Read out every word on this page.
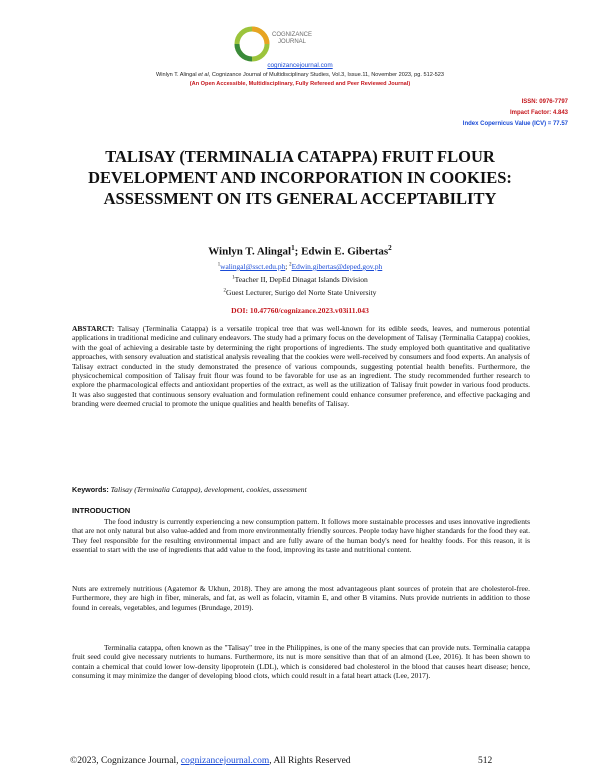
COGNIZANCE JOURNAL
cognizancejournal.com
Winlyn T. Alingal et al, Cognizance Journal of Multidisciplinary Studies, Vol.3, Issue.11, November 2023, pg. 512-523
(An Open Accessible, Multidisciplinary, Fully Refereed and Peer Reviewed Journal)
ISSN: 0976-7797
Impact Factor: 4.843
Index Copernicus Value (ICV) = 77.57
TALISAY (TERMINALIA CATAPPA) FRUIT FLOUR DEVELOPMENT AND INCORPORATION IN COOKIES: ASSESSMENT ON ITS GENERAL ACCEPTABILITY
Winlyn T. Alingal$^1$; Edwin E. Gibertas$^2$
$^1$walingal@ssct.edu.ph; $^2$Edwin.gibertas@deped.gov.ph
$^1$Teacher II, DepEd Dinagat Islands Division
$^2$Guest Lecturer, Surigo del Norte State University
DOI: 10.47760/cognizance.2023.v03i11.043

ABSTARCT: Talisay (Terminalia Catappa) is a versatile tropical tree that was well-known for its edible seeds, leaves, and numerous potential applications in traditional medicine and culinary endeavors. The study had a primary focus on the development of Talisay (Terminalia Catappa) cookies, with the goal of achieving a desirable taste by determining the right proportions of ingredients. The study employed both quantitative and qualitative approaches, with sensory evaluation and statistical analysis revealing that the cookies were well-received by consumers and food experts. An analysis of Talisay extract conducted in the study demonstrated the presence of various compounds, suggesting potential health benefits. Furthermore, the physicochemical composition of Talisay fruit flour was found to be favorable for use as an ingredient. The study recommended further research to explore the pharmacological effects and antioxidant properties of the extract, as well as the utilization of Talisay fruit powder in various food products. It was also suggested that continuous sensory evaluation and formulation refinement could enhance consumer preference, and effective packaging and branding were deemed crucial to promote the unique qualities and health benefits of Talisay.

Keywords: Talisay (Terminalia Catappa), development, cookies, assessment
INTRODUCTION

The food industry is currently experiencing a new consumption pattern. It follows more sustainable processes and uses innovative ingredients that are not only natural but also value-added and from more environmentally friendly sources. People today have higher standards for the food they eat. They feel responsible for the resulting environmental impact and are fully aware of the human body's need for healthy foods. For this reason, it is essential to start with the use of ingredients that add value to the food, improving its taste and nutritional content.

Nuts are extremely nutritious (Agatemor & Ukhun, 2018). They are among the most advantageous plant sources of protein that are cholesterol-free. Furthermore, they are high in fiber, minerals, and fat, as well as folacin, vitamin E, and other B vitamins. Nuts provide nutrients in addition to those found in cereals, vegetables, and legumes (Brundage, 2019).

Terminalia catappa, often known as the "Talisay" tree in the Philippines, is one of the many species that can provide nuts. Terminalia catappa fruit seed could give necessary nutrients to humans. Furthermore, its nut is more sensitive than that of an almond (Lee, 2016). It has been shown to contain a chemical that could lower low-density lipoprotein (LDL), which is considered bad cholesterol in the blood that causes heart disease; hence, consuming it may minimize the danger of developing blood clots, which could result in a fatal heart attack (Lee, 2017).

©2023, Cognizance Journal, cognizancejournal.com, All Rights Reserved	512
